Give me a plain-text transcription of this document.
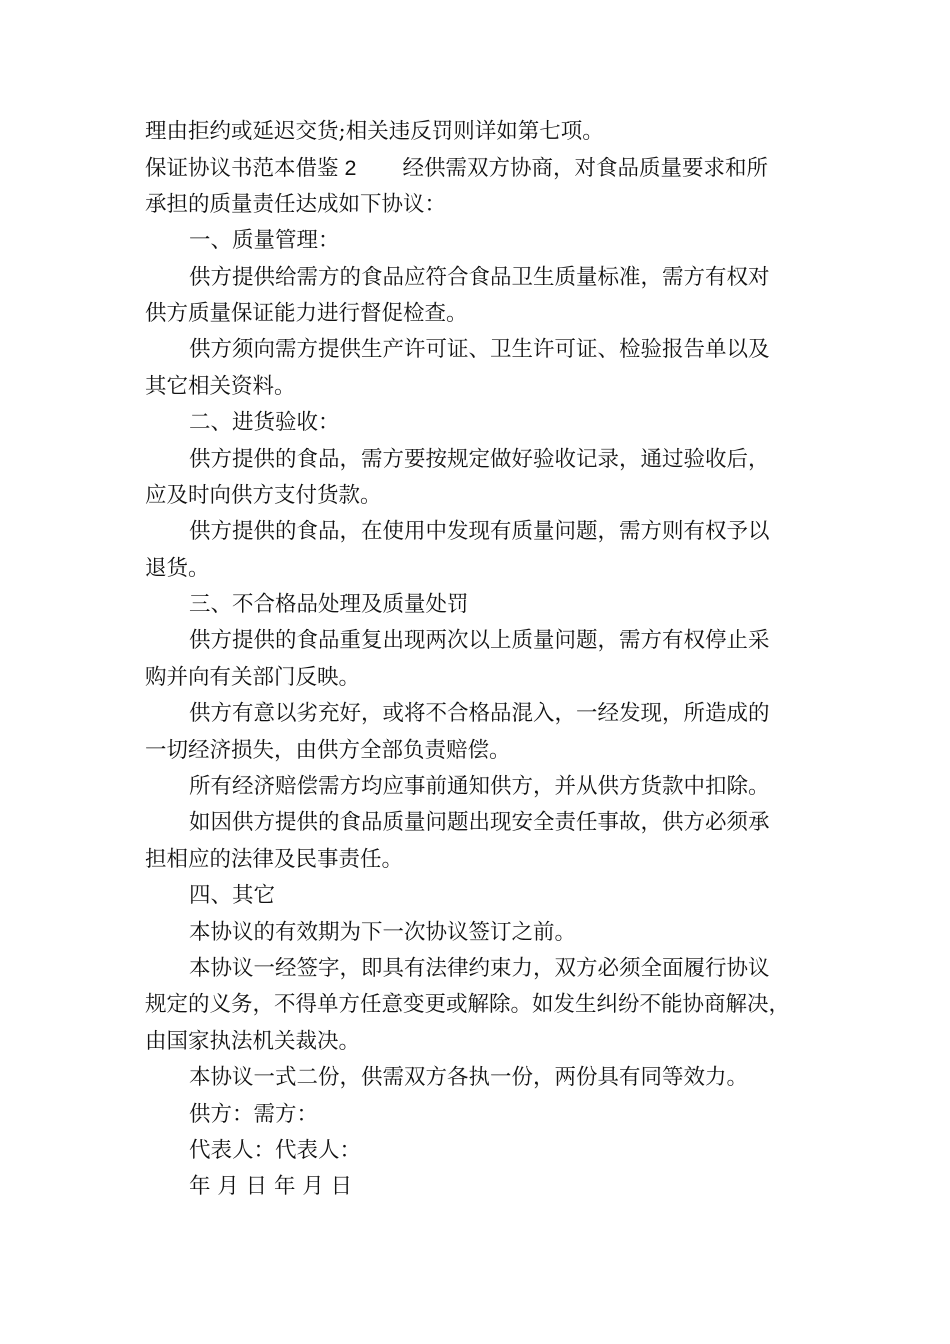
理由拒约或延迟交货;相关违反罚则详如第七项。
保证协议书范本借鉴 2 经供需双方协商，对食品质量要求和所
承担的质量责任达成如下协议：
一、质量管理：
供方提供给需方的食品应符合食品卫生质量标准，需方有权对
供方质量保证能力进行督促检查。
供方须向需方提供生产许可证、卫生许可证、检验报告单以及
其它相关资料。
二、进货验收：
供方提供的食品，需方要按规定做好验收记录，通过验收后，
应及时向供方支付货款。
供方提供的食品，在使用中发现有质量问题，需方则有权予以
退货。
三、不合格品处理及质量处罚
供方提供的食品重复出现两次以上质量问题，需方有权停止采
购并向有关部门反映。
供方有意以劣充好，或将不合格品混入，一经发现，所造成的
一切经济损失，由供方全部负责赔偿。
所有经济赔偿需方均应事前通知供方，并从供方货款中扣除。
如因供方提供的食品质量问题出现安全责任事故，供方必须承
担相应的法律及民事责任。
四、其它
本协议的有效期为下一次协议签订之前。
本协议一经签字，即具有法律约束力，双方必须全面履行协议
规定的义务，不得单方任意变更或解除。如发生纠纷不能协商解决，
由国家执法机关裁决。
本协议一式二份，供需双方各执一份，两份具有同等效力。
供方：需方：
代表人：代表人：
年 月 日 年 月 日
